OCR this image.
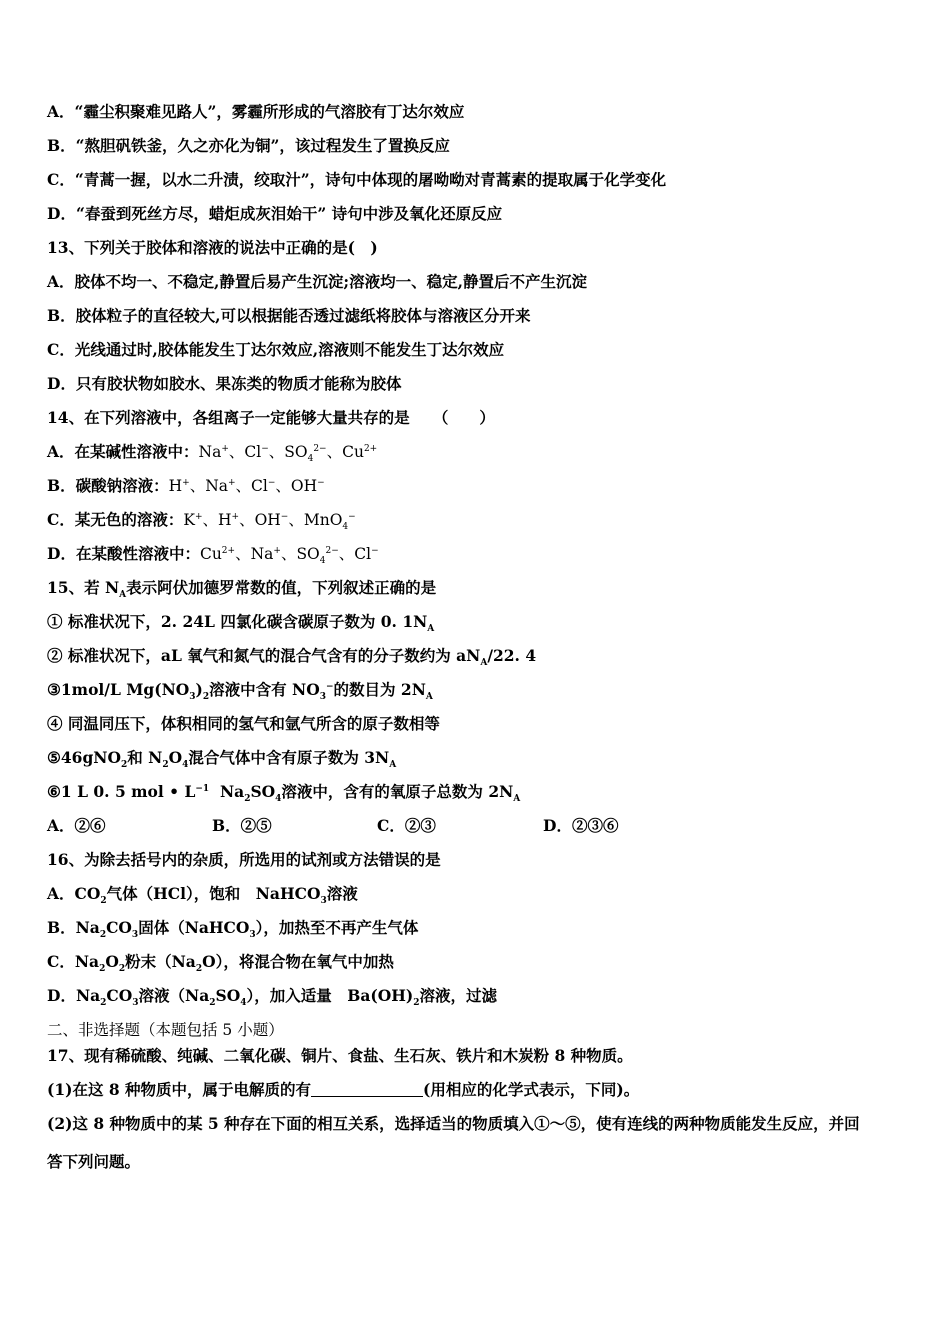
A．“霾尘积聚难见路人”，雾霾所形成的气溶胶有丁达尔效应
B．“熬胆矾铁釜，久之亦化为铜”，该过程发生了置换反应
C．“青蒿一握，以水二升渍，绞取汁”，诗句中体现的屠呦呦对青蒿素的提取属于化学变化
D．“春蚕到死丝方尽，蜡炬成灰泪始干” 诗句中涉及氧化还原反应
13、下列关于胶体和溶液的说法中正确的是(　)
A．胶体不均一、不稳定,静置后易产生沉淀;溶液均一、稳定,静置后不产生沉淀
B．胶体粒子的直径较大,可以根据能否透过滤纸将胶体与溶液区分开来
C．光线通过时,胶体能发生丁达尔效应,溶液则不能发生丁达尔效应
D．只有胶状物如胶水、果冻类的物质才能称为胶体
14、在下列溶液中，各组离子一定能够大量共存的是　　（　　）
A．在某碱性溶液中：Na+、Cl−、$SO_4^{2-}$、$Cu^{2+}$
B．碳酸钠溶液：H+、Na+、Cl−、OH−
C．某无色的溶液：K+、H+、OH−、MnO$_4$−
D．在某酸性溶液中：$Cu^{2+}$、Na+、$SO_4^{2-}$、Cl−
15、若 $N_A$表示阿伏加德罗常数的值，下列叙述正确的是
① 标准状况下，2. 24L 四氯化碳含碳原子数为 0. $1N_A$
② 标准状况下，aL 氧气和氮气的混合气含有的分子数约为 $aN_A/22$. 4
③1mol/L $Mg(NO_3)_2$溶液中含有 $NO_3^-$的数目为 $2N_A$
④ 同温同压下，体积相同的氢气和氩气所含的原子数相等
⑤46gNO$_2$和 $N_2O_4$混合气体中含有原子数为 $3N_A$
⑥1 L 0. 5 mol • $L^{-1}$ $Na_2SO_4$溶液中，含有的氧原子总数为 $2N_A$
A．②⑥	B．②⑤	C．②③	D．②③⑥
16、为除去括号内的杂质，所选用的试剂或方法错误的是
A．$CO_2$气体（HCl），饱和　NaHCO$_3$溶液
B．$Na_2CO_3$固体（NaHCO$_3$），加热至不再产生气体
C．$Na_2O_2$粉末$(Na_2O)$，将混合物在氧气中加热
D．$Na_2CO_3$溶液$(Na_2SO_4)$，加入适量　$Ba(OH)_2$溶液，过滤
二、非选择题（本题包括 5 小题）
17、现有稀硫酸、纯碱、二氧化碳、铜片、食盐、生石灰、铁片和木炭粉 8 种物质。
(1)在这 8 种物质中，属于电解质的有	(用相应的化学式表示，下同)。
(2)这 8 种物质中的某 5 种存在下面的相互关系，选择适当的物质填入①～⑤，使有连线的两种物质能发生反应，并回
答下列问题。
